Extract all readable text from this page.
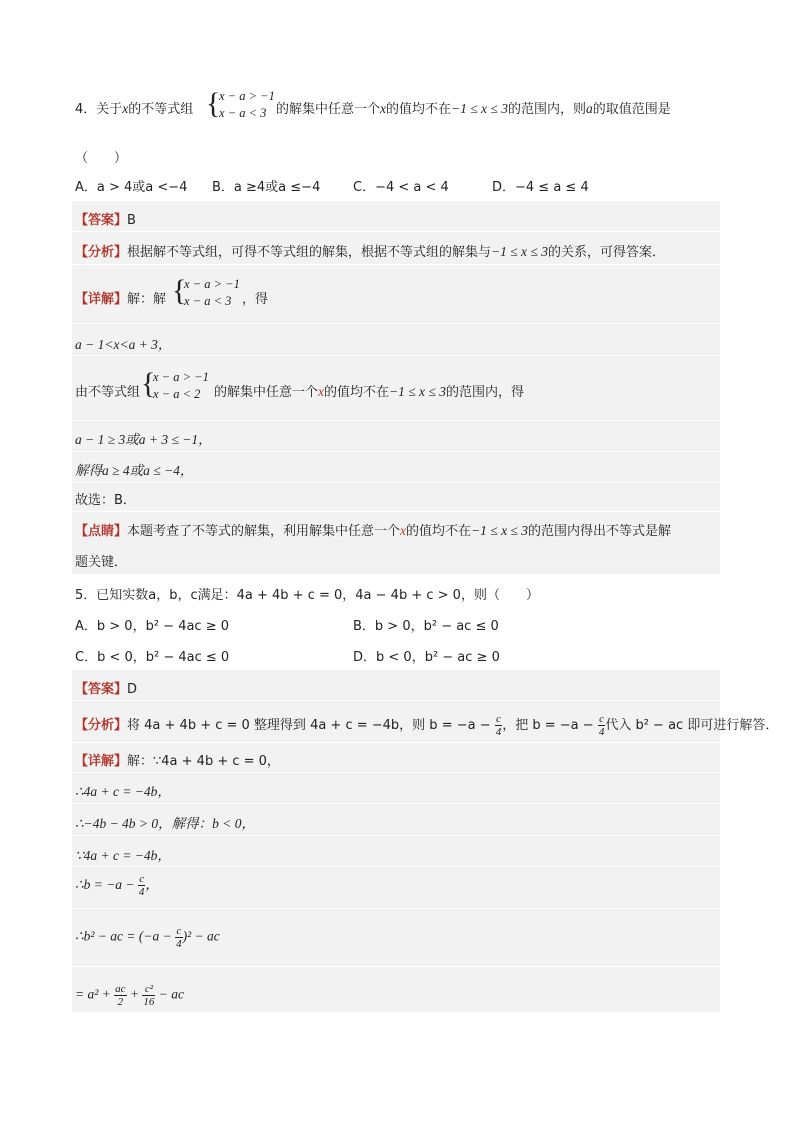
4．关于x的不等式组 {
x − a > −1
x − a < 3 的解集中任意一个x的值均不在−1 ≤ x ≤ 3的范围内，则a的取值范围是
（　　）
A．a > 4或a <−4 B．a ≥4或a ≤−4	C．−4 < a < 4	D．−4 ≤ a ≤ 4
【答案】B
【分析】根据解不等式组，可得不等式组的解集，根据不等式组的解集与−1 ≤ x ≤ 3的关系，可得答案．
【详解】解：解 {
x − a > −1
x − a < 3 ，得
a − 1<x<a + 3，
由不等式组 {
x − a > −1
x − a < 2	的解集中任意一个x的值均不在−1 ≤ x ≤ 3的范围内，得
a − 1 ≥ 3或a + 3 ≤ −1，
解得a ≥ 4或a ≤ −4，
故选：B．
【点睛】本题考查了不等式的解集，利用解集中任意一个x的值均不在−1 ≤ x ≤ 3的范围内得出不等式是解
题关键．
5．已知实数a，b，c满足：4a + 4b + c = 0，4a − 4b + c > 0，则（　　）
A．b > 0，b² − 4ac ≥ 0	B．b > 0，b² − ac ≤ 0
C．b < 0，b² − 4ac ≤ 0	D．b < 0，b² − ac ≥ 0
【答案】D
【分析】将 4a + 4b + c = 0 整理得到 4a + c = −4b，则 $b = -a - \frac{c}{4}$ ，把 $b = -a - \frac{c}{4}$ 代入 b² − ac 即可进行解答．
【详解】解：∵4a + 4b + c = 0，
∴4a + c = −4b，
∴−4b − 4b > 0，解得：b < 0，
∵4a + c = −4b，
∴b = $-a - \frac{c}{4}$ ，
∴b² − ac = $(-a - \frac{c}{4} )^2$ − ac
= $a^2 + \frac{ac}{2} + \frac{\text{c²}}{16}$ − ac
